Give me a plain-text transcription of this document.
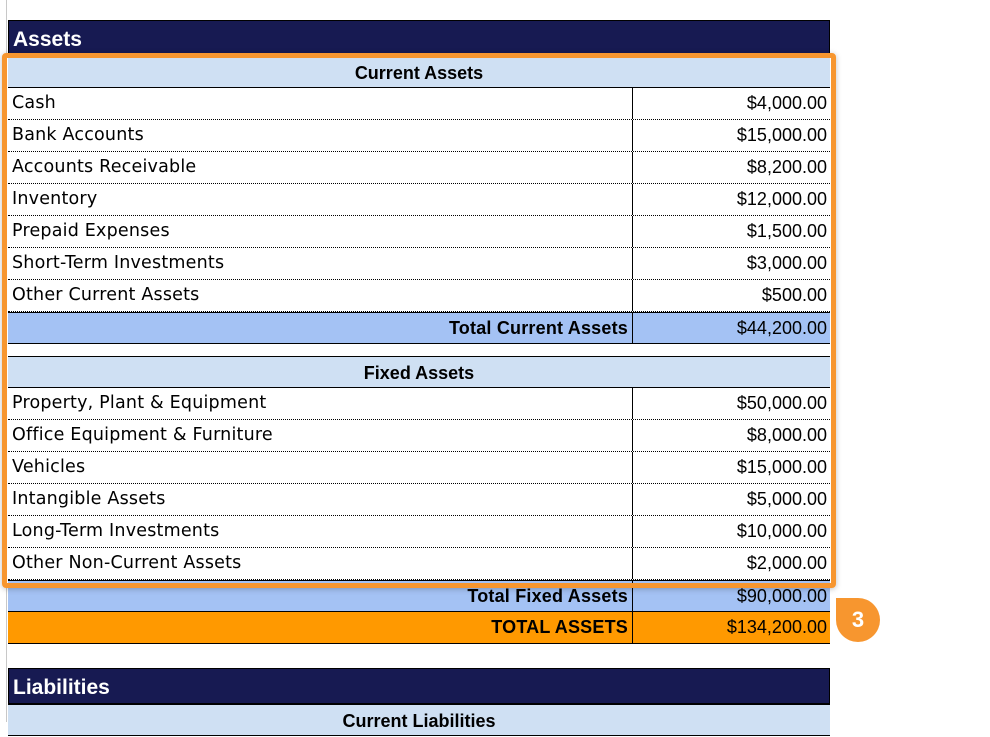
Assets
Current Assets
Cash	$4,000.00
Bank Accounts	$15,000.00
Accounts Receivable	$8,200.00
Inventory	$12,000.00
Prepaid Expenses	$1,500.00
Short-Term Investments	$3,000.00
Other Current Assets	$500.00
Total Current Assets	$44,200.00
Fixed Assets
Property, Plant & Equipment	$50,000.00
Office Equipment & Furniture	$8,000.00
Vehicles	$15,000.00
Intangible Assets	$5,000.00
Long-Term Investments	$10,000.00
Other Non-Current Assets	$2,000.00
Total Fixed Assets	$90,000.00
TOTAL ASSETS	$134,200.00
Liabilities
Current Liabilities
3
